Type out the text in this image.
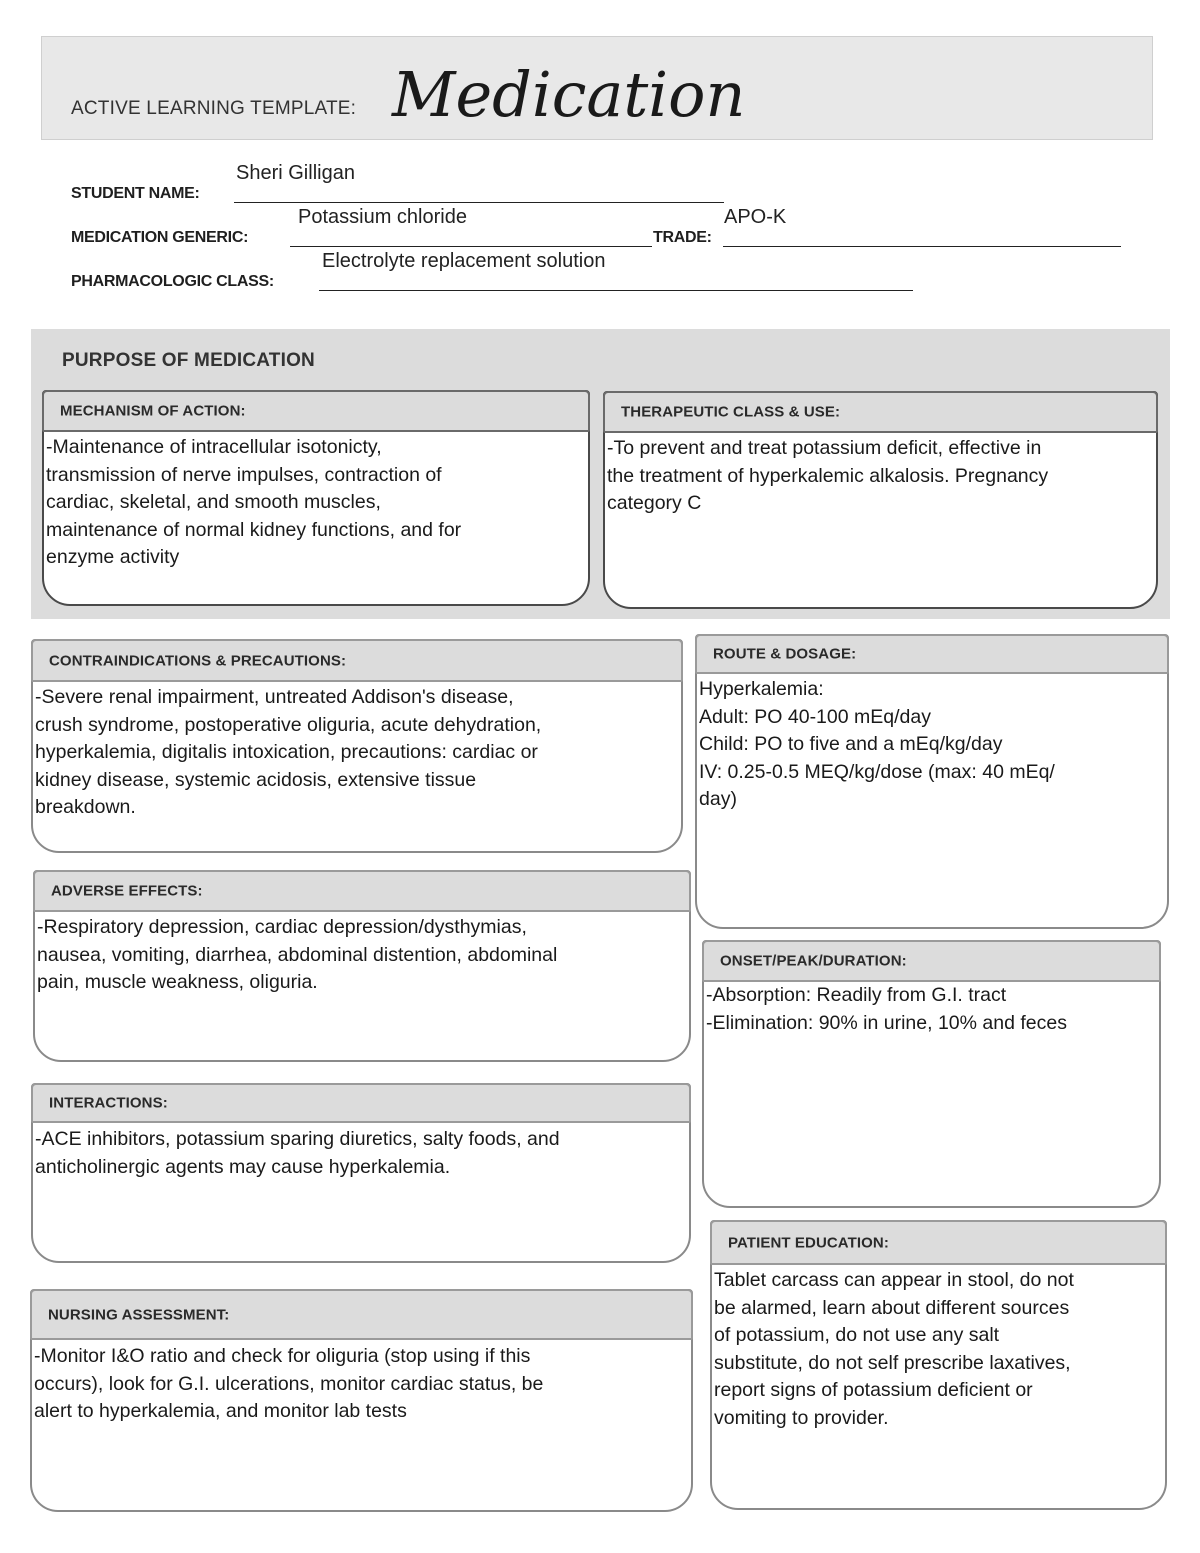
ACTIVE LEARNING TEMPLATE: Medication
STUDENT NAME:
Sheri Gilligan
MEDICATION GENERIC:
Potassium chloride
TRADE:
APO-K
PHARMACOLOGIC CLASS:
Electrolyte replacement solution
PURPOSE OF MEDICATION
MECHANISM OF ACTION:
-Maintenance of intracellular isotonicty,
transmission of nerve impulses, contraction of
cardiac, skeletal, and smooth muscles,
maintenance of normal kidney functions, and for
enzyme activity
THERAPEUTIC CLASS & USE:
-To prevent and treat potassium deficit, effective in
the treatment of hyperkalemic alkalosis. Pregnancy
category C
CONTRAINDICATIONS & PRECAUTIONS:
-Severe renal impairment, untreated Addison's disease,
crush syndrome, postoperative oliguria, acute dehydration,
hyperkalemia, digitalis intoxication, precautions: cardiac or
kidney disease, systemic acidosis, extensive tissue
breakdown.
ADVERSE EFFECTS:
-Respiratory depression, cardiac depression/dysthymias,
nausea, vomiting, diarrhea, abdominal distention, abdominal
pain, muscle weakness, oliguria.
INTERACTIONS:
-ACE inhibitors, potassium sparing diuretics, salty foods, and
anticholinergic agents may cause hyperkalemia.
NURSING ASSESSMENT:
-Monitor I&O ratio and check for oliguria (stop using if this
occurs), look for G.I. ulcerations, monitor cardiac status, be
alert to hyperkalemia, and monitor lab tests
ROUTE & DOSAGE:
Hyperkalemia:
Adult: PO 40-100 mEq/day
Child: PO to five and a mEq/kg/day
IV: 0.25-0.5 MEQ/kg/dose (max: 40 mEq/
day)
ONSET/PEAK/DURATION:
-Absorption: Readily from G.I. tract
-Elimination: 90% in urine, 10% and feces
PATIENT EDUCATION:
Tablet carcass can appear in stool, do not
be alarmed, learn about different sources
of potassium, do not use any salt
substitute, do not self prescribe laxatives,
report signs of potassium deficient or
vomiting to provider.
